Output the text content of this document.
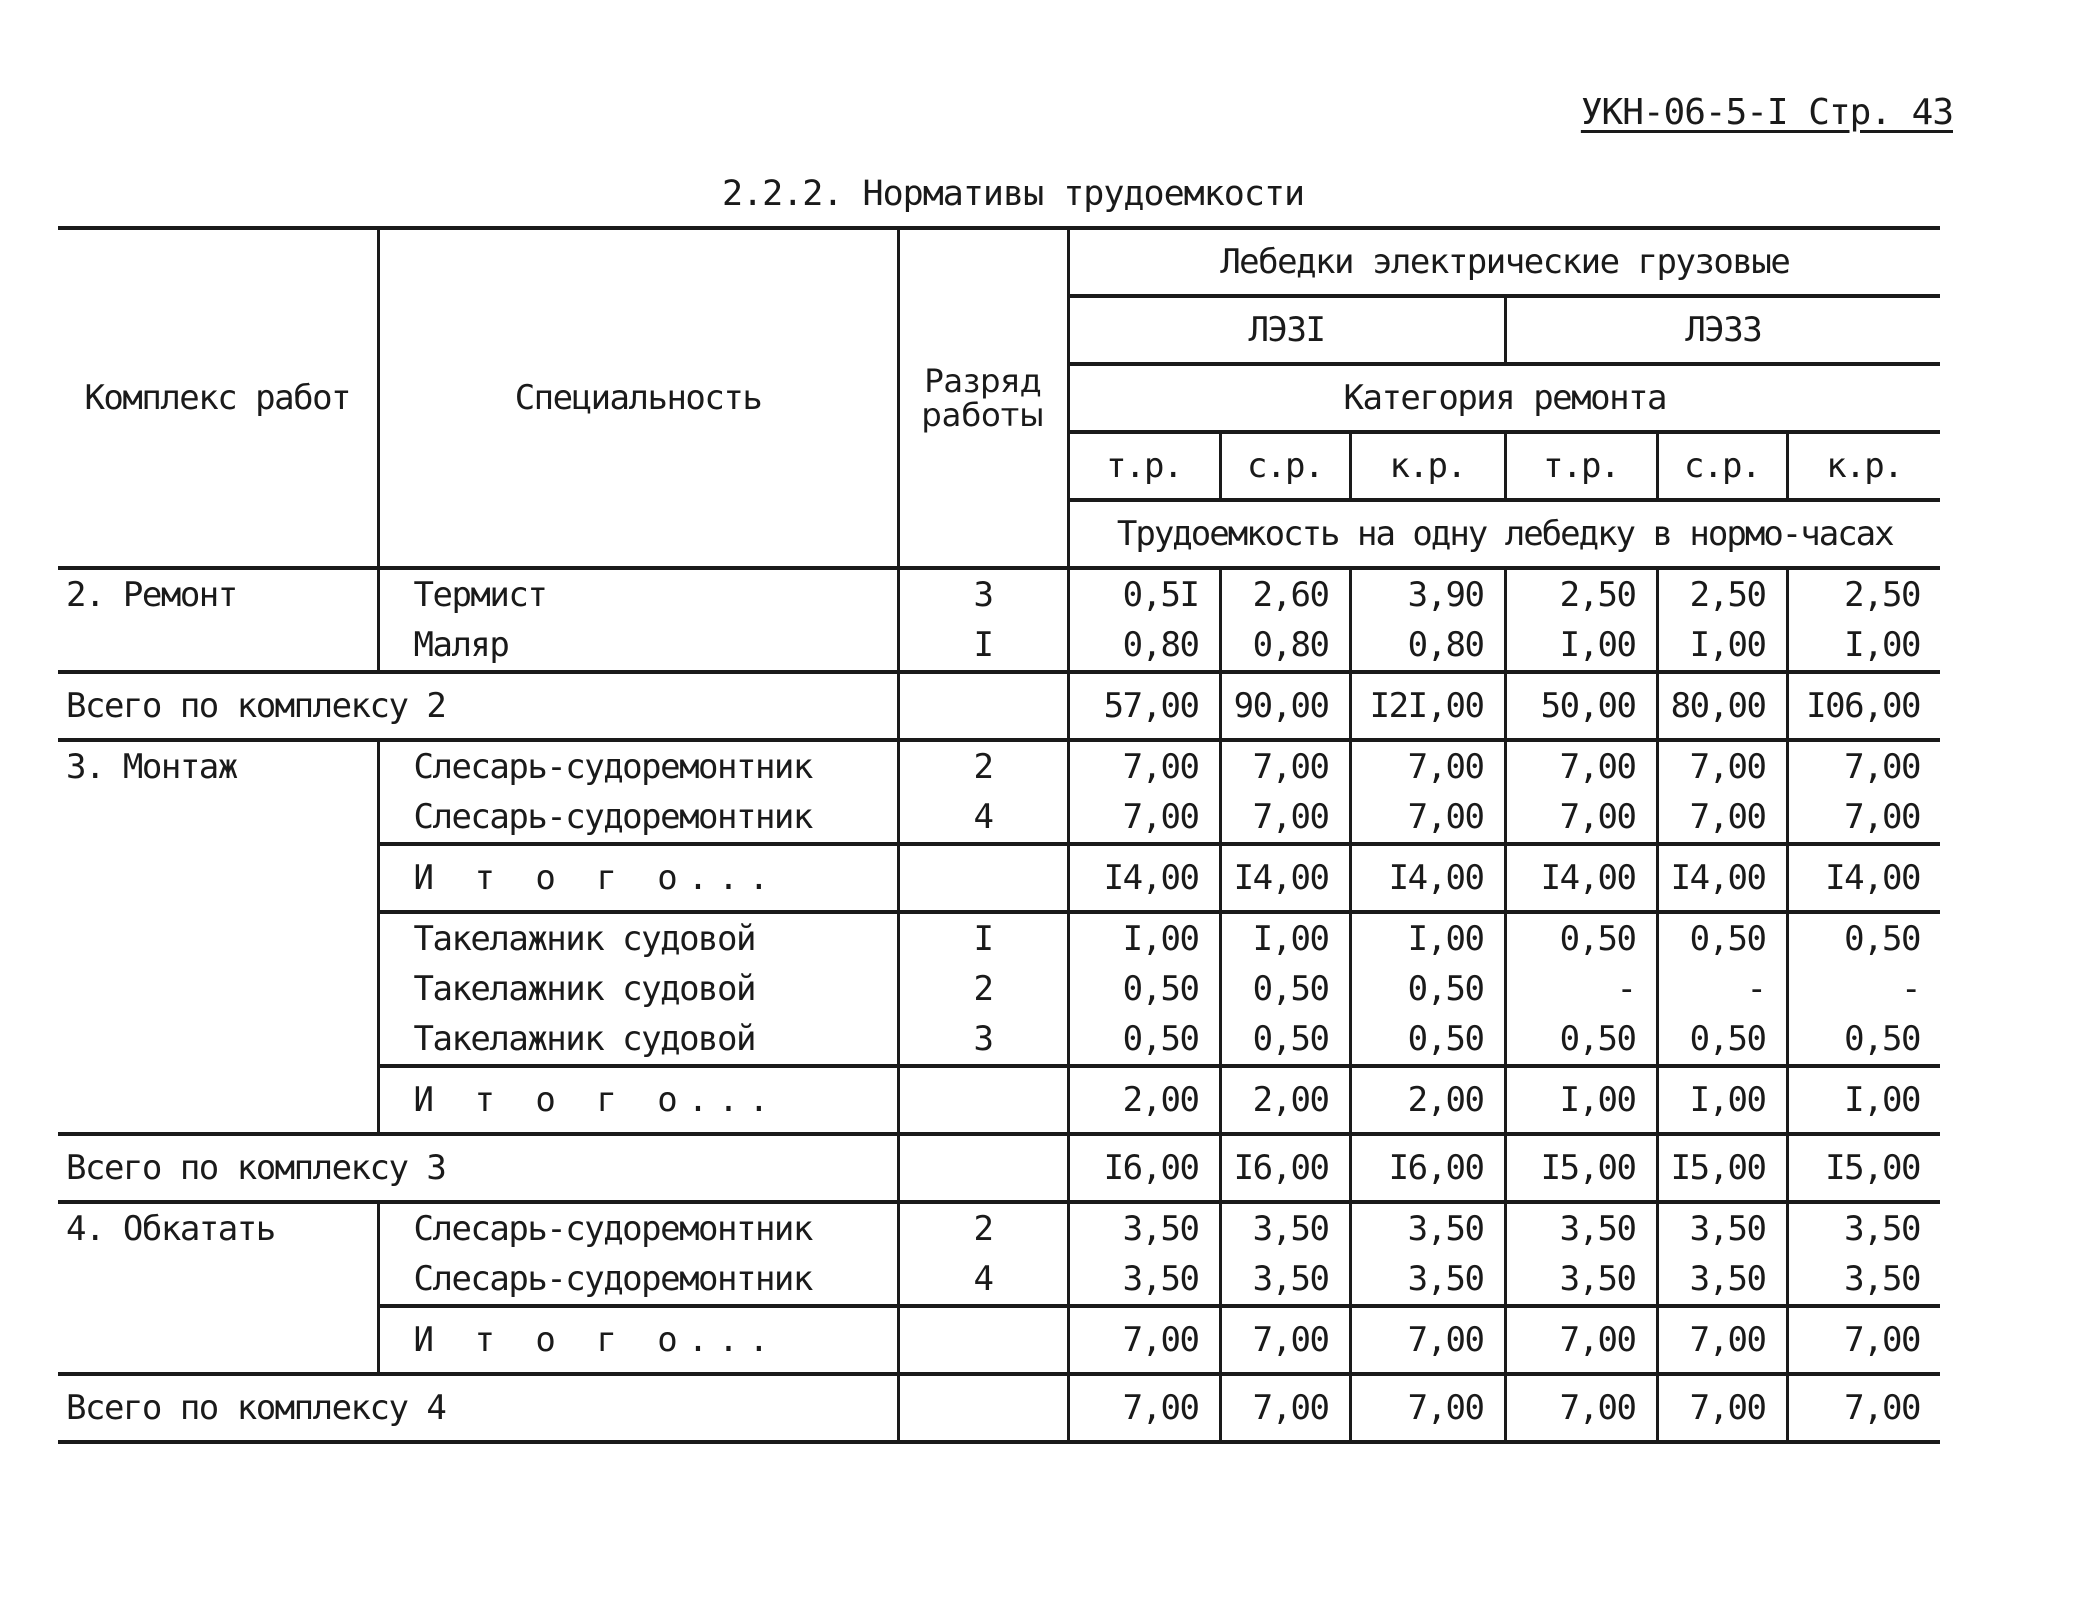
УКН-06-5-I Стр. 43
2.2.2. Нормативы трудоемкости
Комплекс работ	Специальность	Разряд работы	Лебедки электрические грузовые					
			ЛЭ3I			ЛЭ33		
			Категория ремонта					
			т.р.	с.р.	к.р.	т.р.	с.р.	к.р.
			Трудоемкость на одну лебедку в нормо-часах					
2. Ремонт	Термист	3	0,5I	2,60	3,90	2,50	2,50	2,50
	Маляр	I	0,80	0,80	0,80	I,00	I,00	I,00
Всего по комплексу 2			57,00	90,00	I2I,00	50,00	80,00	I06,00
3. Монтаж	Слесарь-судоремонтник	2	7,00	7,00	7,00	7,00	7,00	7,00
	Слесарь-судоремонтник	4	7,00	7,00	7,00	7,00	7,00	7,00
	И т о г о...		I4,00	I4,00	I4,00	I4,00	I4,00	I4,00
	Такелажник судовой	I	I,00	I,00	I,00	0,50	0,50	0,50
	Такелажник судовой	2	0,50	0,50	0,50	-	-	-
	Такелажник судовой	3	0,50	0,50	0,50	0,50	0,50	0,50
	И т о г о...		2,00	2,00	2,00	I,00	I,00	I,00
Всего по комплексу 3			I6,00	I6,00	I6,00	I5,00	I5,00	I5,00
4. Обкатать	Слесарь-судоремонтник	2	3,50	3,50	3,50	3,50	3,50	3,50
	Слесарь-судоремонтник	4	3,50	3,50	3,50	3,50	3,50	3,50
	И т о г о...		7,00	7,00	7,00	7,00	7,00	7,00
Всего по комплексу 4			7,00	7,00	7,00	7,00	7,00	7,00
